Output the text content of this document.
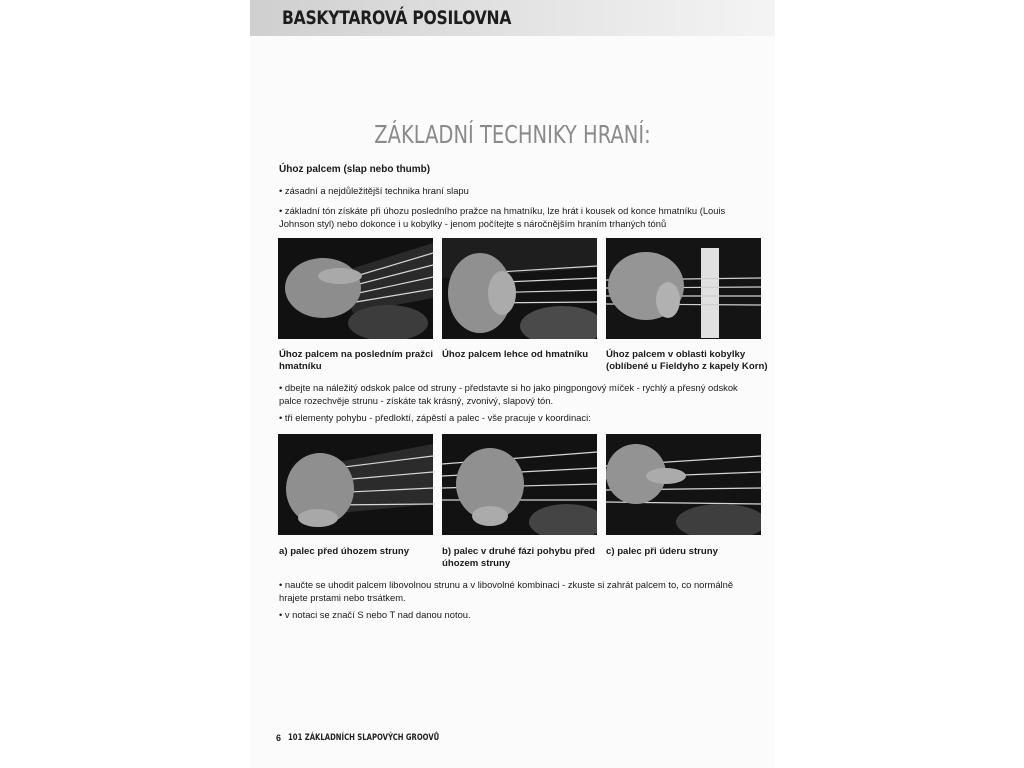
BASKYTAROVÁ POSILOVNA
ZÁKLADNÍ TECHNIKY HRANÍ:
Úhoz palcem (slap nebo thumb)
• zásadní a nejdůležitější technika hraní slapu
• základní tón získáte při úhozu posledního pražce na hmatníku, lze hrát i kousek od konce hmatníku (Louis Johnson styl) nebo dokonce i u kobylky - jenom počítejte s náročnějším hraním trhaných tónů
Úhoz palcem na posledním pražci hmatníku
Úhoz palcem lehce od hmatníku	Úhoz palcem v oblasti kobylky (oblíbené u Fieldyho z kapely Korn)
• dbejte na náležitý odskok palce od struny - představte si ho jako pingpongový míček - rychlý a přesný odskok palce rozechvěje strunu - získáte tak krásný, zvonivý, slapový tón.
• tři elementy pohybu - předloktí, zápěstí a palec - vše pracuje v koordinaci:
a) palec před úhozem struny	b) palec v druhé fázi pohybu před úhozem struny
c) palec při úderu struny
• naučte se uhodit palcem libovolnou strunu a v libovolné kombinaci - zkuste si zahrát palcem to, co normálně hrajete prstami nebo trsátkem.
• v notaci se značí S nebo T nad danou notou.
6 101 ZÁKLADNÍCH SLAPOVÝCH GROOVŮ
